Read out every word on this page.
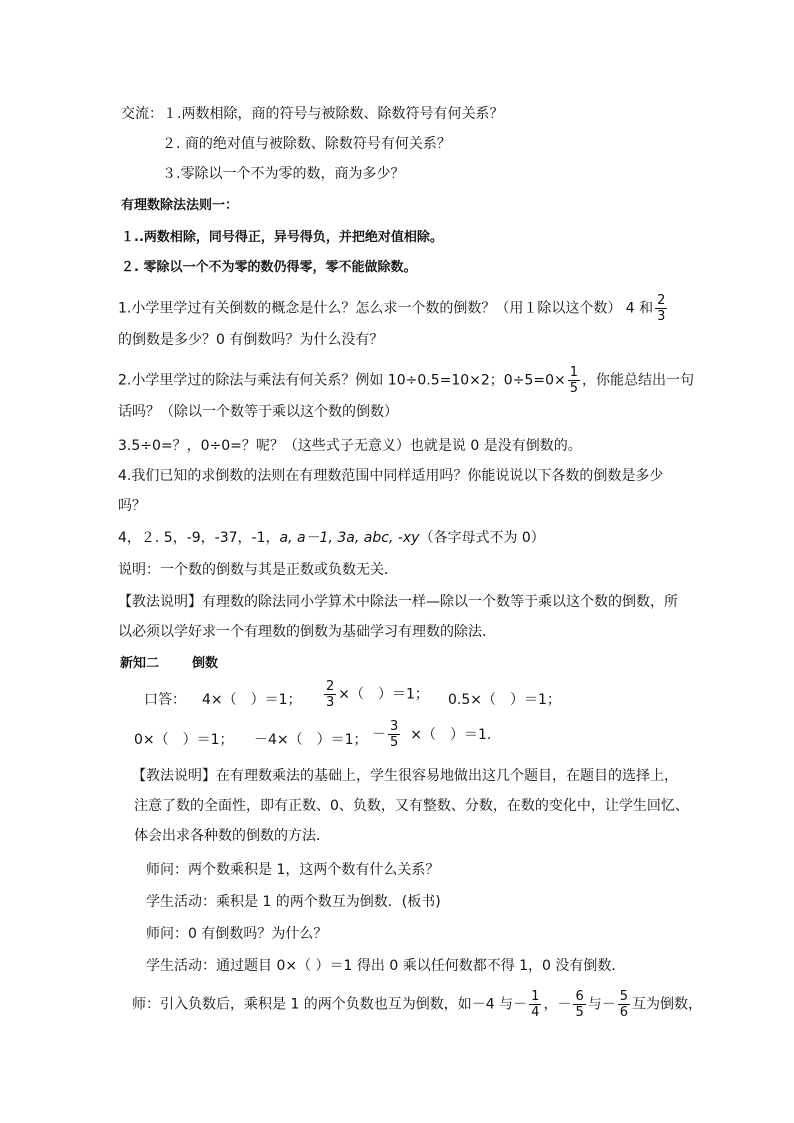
交流：１.两数相除，商的符号与被除数、除数符号有何关系？
２. 商的绝对值与被除数、除数符号有何关系？
３.零除以一个不为零的数，商为多少？
有理数除法法则一：
１..两数相除，同号得正，异号得负，并把绝对值相除。
２. 零除以一个不为零的数仍得零，零不能做除数。
1.小学里学过有关倒数的概念是什么？怎么求一个数的倒数？（用１除以这个数） 4 和 $\frac{2}{3}$
的倒数是多少？0 有倒数吗？为什么没有？
2.小学里学过的除法与乘法有何关系？例如 10÷0.5=10×2；$0\div 5=0\times \frac{1}{5}$ ，你能总结出一句
话吗？（除以一个数等于乘以这个数的倒数）
3.5÷0=？，0÷0=？呢？（这些式子无意义）也就是说 0 是没有倒数的。
4.我们已知的求倒数的法则在有理数范围中同样适用吗？你能说说以下各数的倒数是多少
吗？
4，２. 5，-9，-37，-1，a, a－1, 3a, abc, -xy（各字母式不为 0）
说明：一个数的倒数与其是正数或负数无关．
【教法说明】有理数的除法同小学算术中除法一样—除以一个数等于乘以这个数的倒数，所
以必须以学好求一个有理数的倒数为基础学习有理数的除法．
新知二	倒数
口答： 4×（　）＝1； $\frac{2}{3}$ ×（　）＝1； 0.5×（　）＝1；
0×（　）＝1； －4×（　）＝1； － $\frac{3}{5}$ ×（　）＝1.
【教法说明】在有理数乘法的基础上，学生很容易地做出这几个题目，在题目的选择上，
注意了数的全面性，即有正数、0、负数，又有整数、分数，在数的变化中，让学生回忆、
体会出求各种数的倒数的方法．
师问：两个数乘积是 1，这两个数有什么关系？
学生活动：乘积是 1 的两个数互为倒数．(板书)
师问：0 有倒数吗？为什么？
学生活动：通过题目 0×（ ）＝1 得出 0 乘以任何数都不得 1，0 没有倒数．
师：引入负数后，乘积是 1 的两个负数也互为倒数，如－4 与－ $\frac{1}{4}$ ，－ $\frac{6}{5}$ 与－ $\frac{5}{6}$ 互为倒数，
